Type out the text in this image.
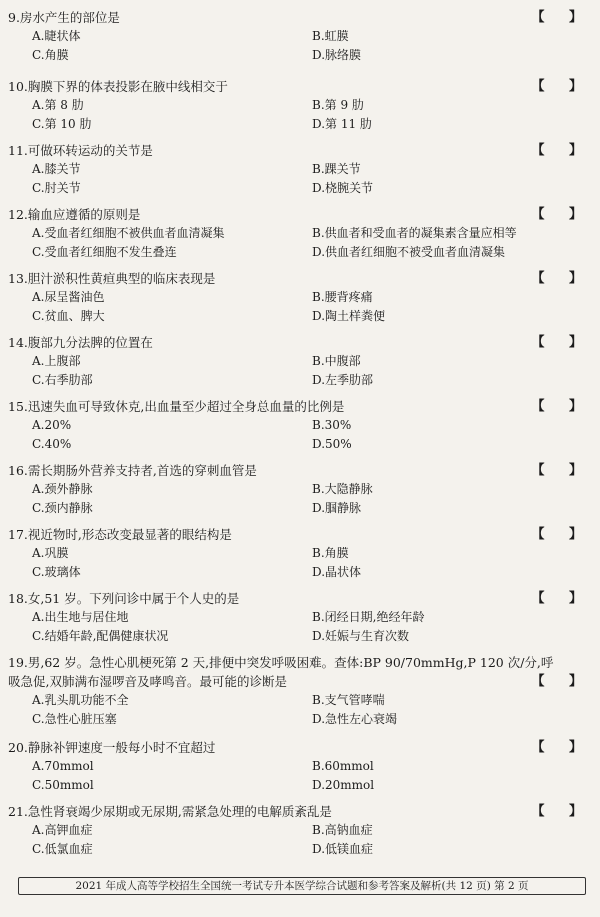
9.房水产生的部位是	【 】
A.睫状体	B.虹膜
C.角膜	D.脉络膜
10.胸膜下界的体表投影在腋中线相交于	【 】
A.第 8 肋	B.第 9 肋
C.第 10 肋	D.第 11 肋
11.可做环转运动的关节是	【 】
A.膝关节	B.踝关节
C.肘关节	D.桡腕关节
12.输血应遵循的原则是	【 】
A.受血者红细胞不被供血者血清凝集	B.供血者和受血者的凝集素含量应相等
C.受血者红细胞不发生叠连	D.供血者红细胞不被受血者血清凝集
13.胆汁淤积性黄疸典型的临床表现是	【 】
A.尿呈酱油色	B.腰背疼痛
C.贫血、脾大	D.陶土样粪便
14.腹部九分法脾的位置在	【 】
A.上腹部	B.中腹部
C.右季肋部	D.左季肋部
15.迅速失血可导致休克,出血量至少超过全身总血量的比例是	【 】
A.20%	B.30%
C.40%	D.50%
16.需长期肠外营养支持者,首选的穿刺血管是	【 】
A.颈外静脉	B.大隐静脉
C.颈内静脉	D.腘静脉
17.视近物时,形态改变最显著的眼结构是	【 】
A.巩膜	B.角膜
C.玻璃体	D.晶状体
18.女,51 岁。下列问诊中属于个人史的是	【 】
A.出生地与居住地	B.闭经日期,绝经年龄
C.结婚年龄,配偶健康状况	D.妊娠与生育次数
19.男,62 岁。急性心肌梗死第 2 天,排便中突发呼吸困难。查体:BP 90/70mmHg,P 120 次/分,呼吸急促,双肺满布湿啰音及哮鸣音。最可能的诊断是	【 】
A.乳头肌功能不全	B.支气管哮喘
C.急性心脏压塞	D.急性左心衰竭
20.静脉补钾速度一般每小时不宜超过	【 】
A.70mmol	B.60mmol
C.50mmol	D.20mmol
21.急性肾衰竭少尿期或无尿期,需紧急处理的电解质紊乱是	【 】
A.高钾血症	B.高钠血症
C.低氯血症	D.低镁血症
2021 年成人高等学校招生全国统一考试专升本医学综合试题和参考答案及解析(共 12 页) 第 2 页
